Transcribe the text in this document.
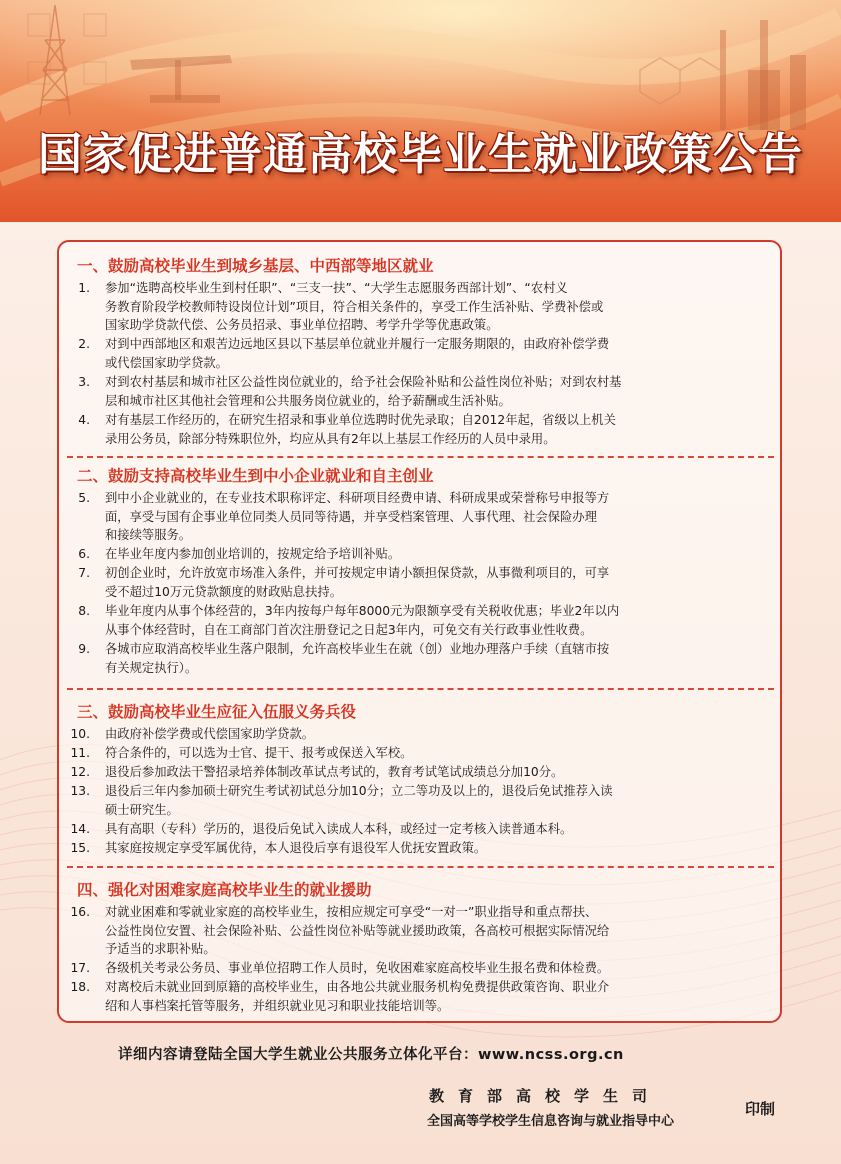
国家促进普通高校毕业生就业政策公告
一、鼓励高校毕业生到城乡基层、中西部等地区就业
1. 参加“选聘高校毕业生到村任职”、“三支一扶”、“大学生志愿服务西部计划”、“农村义
务教育阶段学校教师特设岗位计划”项目，符合相关条件的，享受工作生活补贴、学费补偿或
国家助学贷款代偿、公务员招录、事业单位招聘、考学升学等优惠政策。
2. 对到中西部地区和艰苦边远地区县以下基层单位就业并履行一定服务期限的，由政府补偿学费
或代偿国家助学贷款。
3. 对到农村基层和城市社区公益性岗位就业的，给予社会保险补贴和公益性岗位补贴；对到农村基
层和城市社区其他社会管理和公共服务岗位就业的，给予薪酬或生活补贴。
4. 对有基层工作经历的，在研究生招录和事业单位选聘时优先录取；自2012年起，省级以上机关
录用公务员，除部分特殊职位外，均应从具有2年以上基层工作经历的人员中录用。
二、鼓励支持高校毕业生到中小企业就业和自主创业
5. 到中小企业就业的，在专业技术职称评定、科研项目经费申请、科研成果或荣誉称号申报等方
面，享受与国有企事业单位同类人员同等待遇，并享受档案管理、人事代理、社会保险办理
和接续等服务。
6. 在毕业年度内参加创业培训的，按规定给予培训补贴。
7. 初创企业时，允许放宽市场准入条件，并可按规定申请小额担保贷款，从事微利项目的，可享
受不超过10万元贷款额度的财政贴息扶持。
8. 毕业年度内从事个体经营的，3年内按每户每年8000元为限额享受有关税收优惠；毕业2年以内
从事个体经营时，自在工商部门首次注册登记之日起3年内，可免交有关行政事业性收费。
9. 各城市应取消高校毕业生落户限制，允许高校毕业生在就（创）业地办理落户手续（直辖市按
有关规定执行）。
三、鼓励高校毕业生应征入伍服义务兵役
10. 由政府补偿学费或代偿国家助学贷款。
11. 符合条件的，可以选为士官、提干、报考或保送入军校。
12. 退役后参加政法干警招录培养体制改革试点考试的，教育考试笔试成绩总分加10分。
13. 退役后三年内参加硕士研究生考试初试总分加10分；立二等功及以上的，退役后免试推荐入读
硕士研究生。
14. 具有高职（专科）学历的，退役后免试入读成人本科，或经过一定考核入读普通本科。
15. 其家庭按规定享受军属优待，本人退役后享有退役军人优抚安置政策。
四、强化对困难家庭高校毕业生的就业援助
16. 对就业困难和零就业家庭的高校毕业生，按相应规定可享受“一对一”职业指导和重点帮扶、
公益性岗位安置、社会保险补贴、公益性岗位补贴等就业援助政策，各高校可根据实际情况给
予适当的求职补贴。
17. 各级机关考录公务员、事业单位招聘工作人员时，免收困难家庭高校毕业生报名费和体检费。
18. 对离校后未就业回到原籍的高校毕业生，由各地公共就业服务机构免费提供政策咨询、职业介
绍和人事档案托管等服务，并组织就业见习和职业技能培训等。
详细内容请登陆全国大学生就业公共服务立体化平台：www.ncss.org.cn
教育部高校学生司
全国高等学校学生信息咨询与就业指导中心
印制
